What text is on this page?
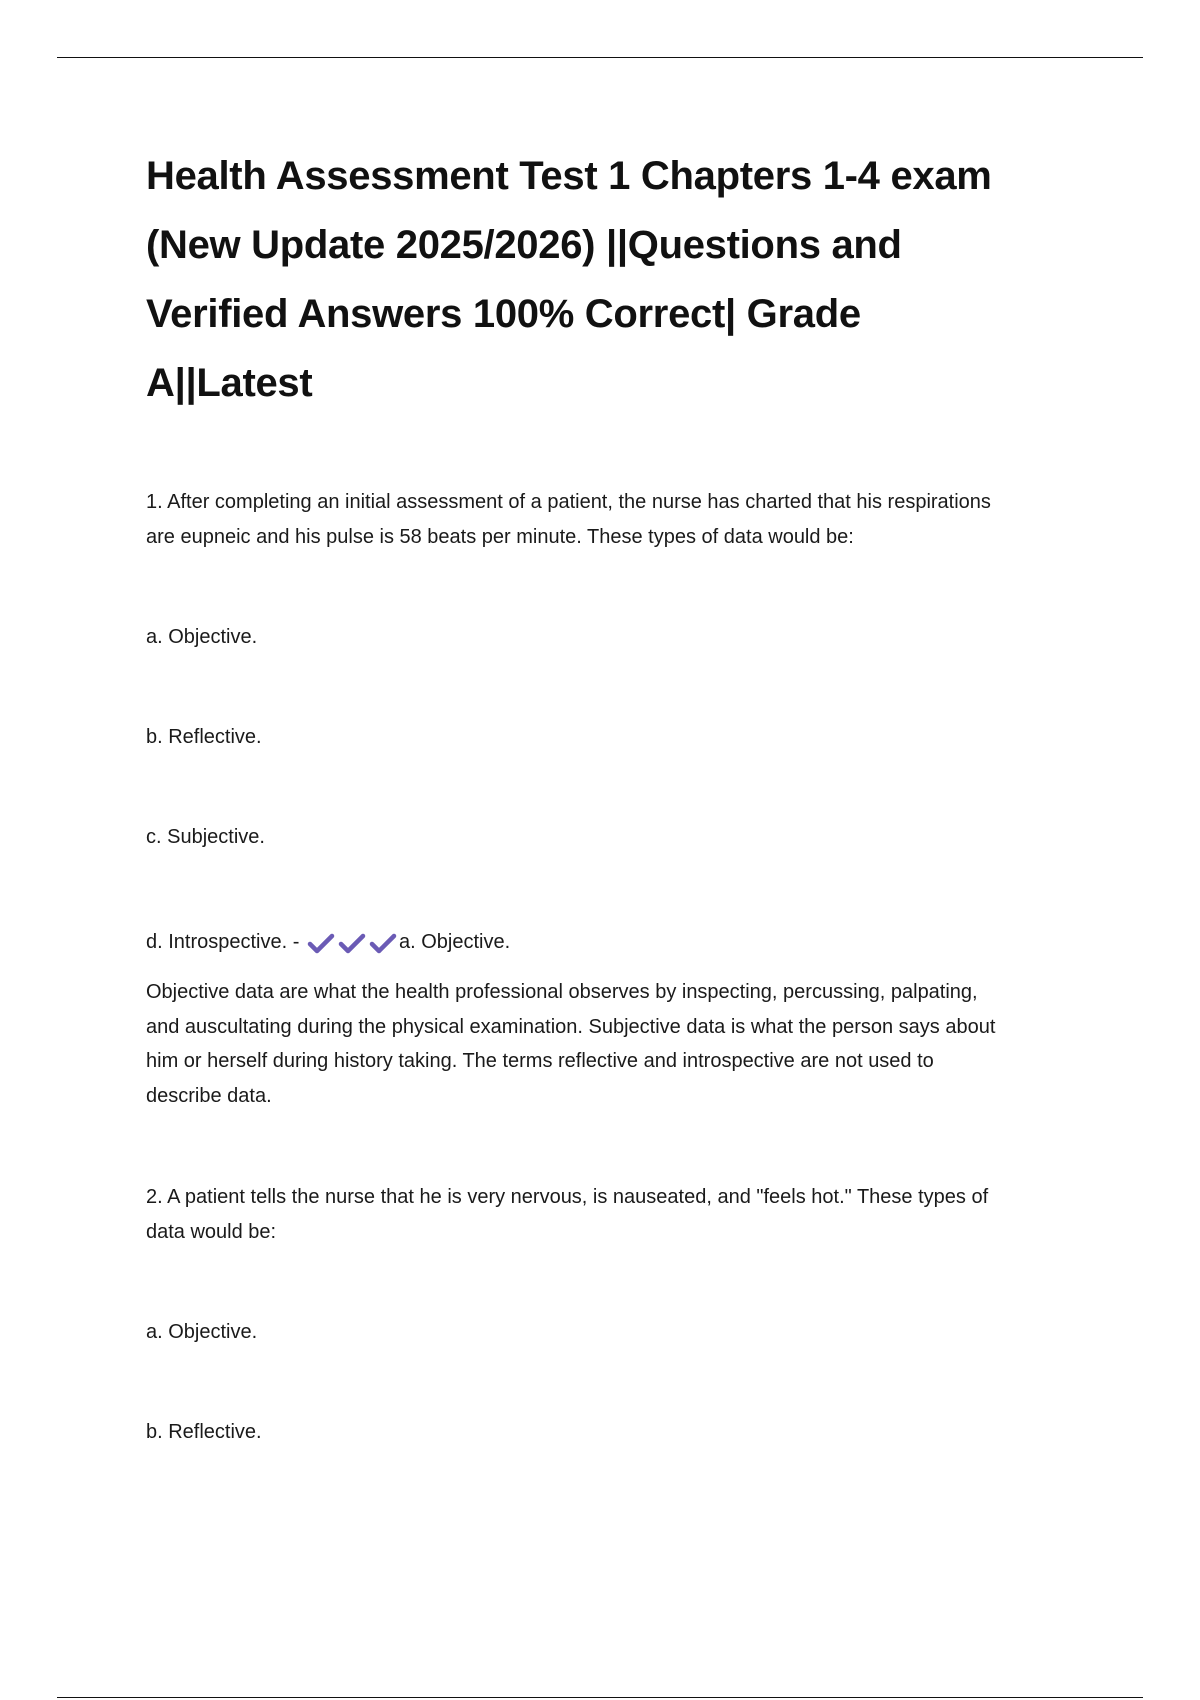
Health Assessment Test 1 Chapters 1-4 exam
(New Update 2025/2026) ||Questions and
Verified Answers 100% Correct| Grade
A||Latest

1. After completing an initial assessment of a patient, the nurse has charted that his respirations

are eupneic and his pulse is 58 beats per minute. These types of data would be:

a. Objective.

b. Reflective.

c. Subjective.

d. Introspective. -	a. Objective.

Objective data are what the health professional observes by inspecting, percussing, palpating,

and auscultating during the physical examination. Subjective data is what the person says about

him or herself during history taking. The terms reflective and introspective are not used to

describe data.

2. A patient tells the nurse that he is very nervous, is nauseated, and "feels hot." These types of

data would be:

a. Objective.

b. Reflective.
